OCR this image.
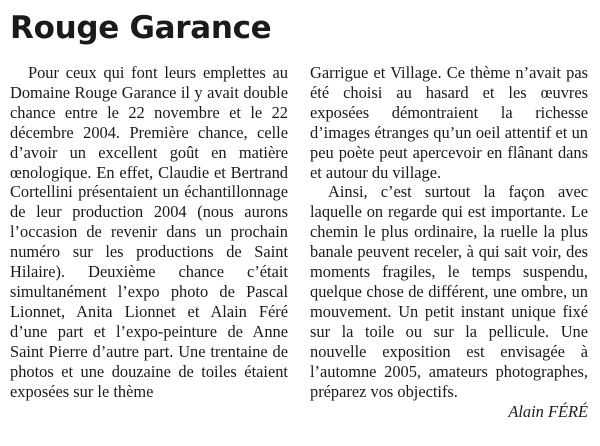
Rouge Garance

Pour ceux qui font leurs emplettes au Domaine Rouge Garance il y avait double chance entre le 22 novembre et le 22 décembre 2004. Première chance, celle d’avoir un excellent goût en matière œnologique. En effet, Claudie et Bertrand Cortellini présentaient un échantillonnage de leur production 2004 (nous aurons l’occasion de revenir dans un prochain numéro sur les productions de Saint Hilaire). Deuxième chance c’était simultanément l’expo photo de Pascal Lionnet, Anita Lionnet et Alain Féré d’une part et l’expo-peinture de Anne Saint Pierre d’autre part. Une trentaine de photos et une douzaine de toiles étaient exposées sur le thème

Garrigue et Village. Ce thème n’avait pas été choisi au hasard et les œuvres exposées démontraient la richesse d’images étranges qu’un oeil attentif et un peu poète peut apercevoir en flânant dans et autour du village.

Ainsi, c’est surtout la façon avec laquelle on regarde qui est importante. Le chemin le plus ordinaire, la ruelle la plus banale peuvent receler, à qui sait voir, des moments fragiles, le temps suspendu, quelque chose de différent, une ombre, un mouvement. Un petit instant unique fixé sur la toile ou sur la pellicule. Une nouvelle exposition est envisagée à l’automne 2005, amateurs photographes, préparez vos objectifs.

Alain FÉRÉ
